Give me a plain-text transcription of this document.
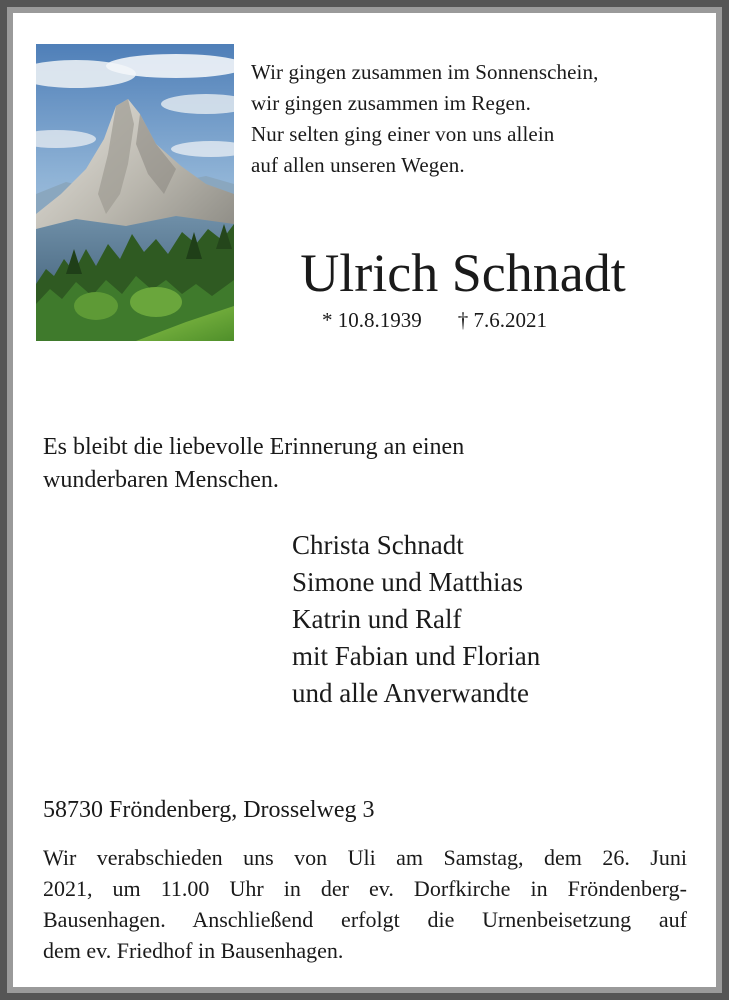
Wir gingen zusammen im Sonnenschein,
wir gingen zusammen im Regen.
Nur selten ging einer von uns allein
auf allen unseren Wegen.
Ulrich Schnadt
* 10.8.1939 † 7.6.2021
Es bleibt die liebevolle Erinnerung an einen
wunderbaren Menschen.
Christa Schnadt
Simone und Matthias
Katrin und Ralf
mit Fabian und Florian
und alle Anverwandte
58730 Fröndenberg, Drosselweg 3
Wir verabschieden uns von Uli am Samstag, dem 26. Juni
2021, um 11.00 Uhr in der ev. Dorfkirche in Fröndenberg-
Bausenhagen. Anschließend erfolgt die Urnenbeisetzung auf
dem ev. Friedhof in Bausenhagen.
